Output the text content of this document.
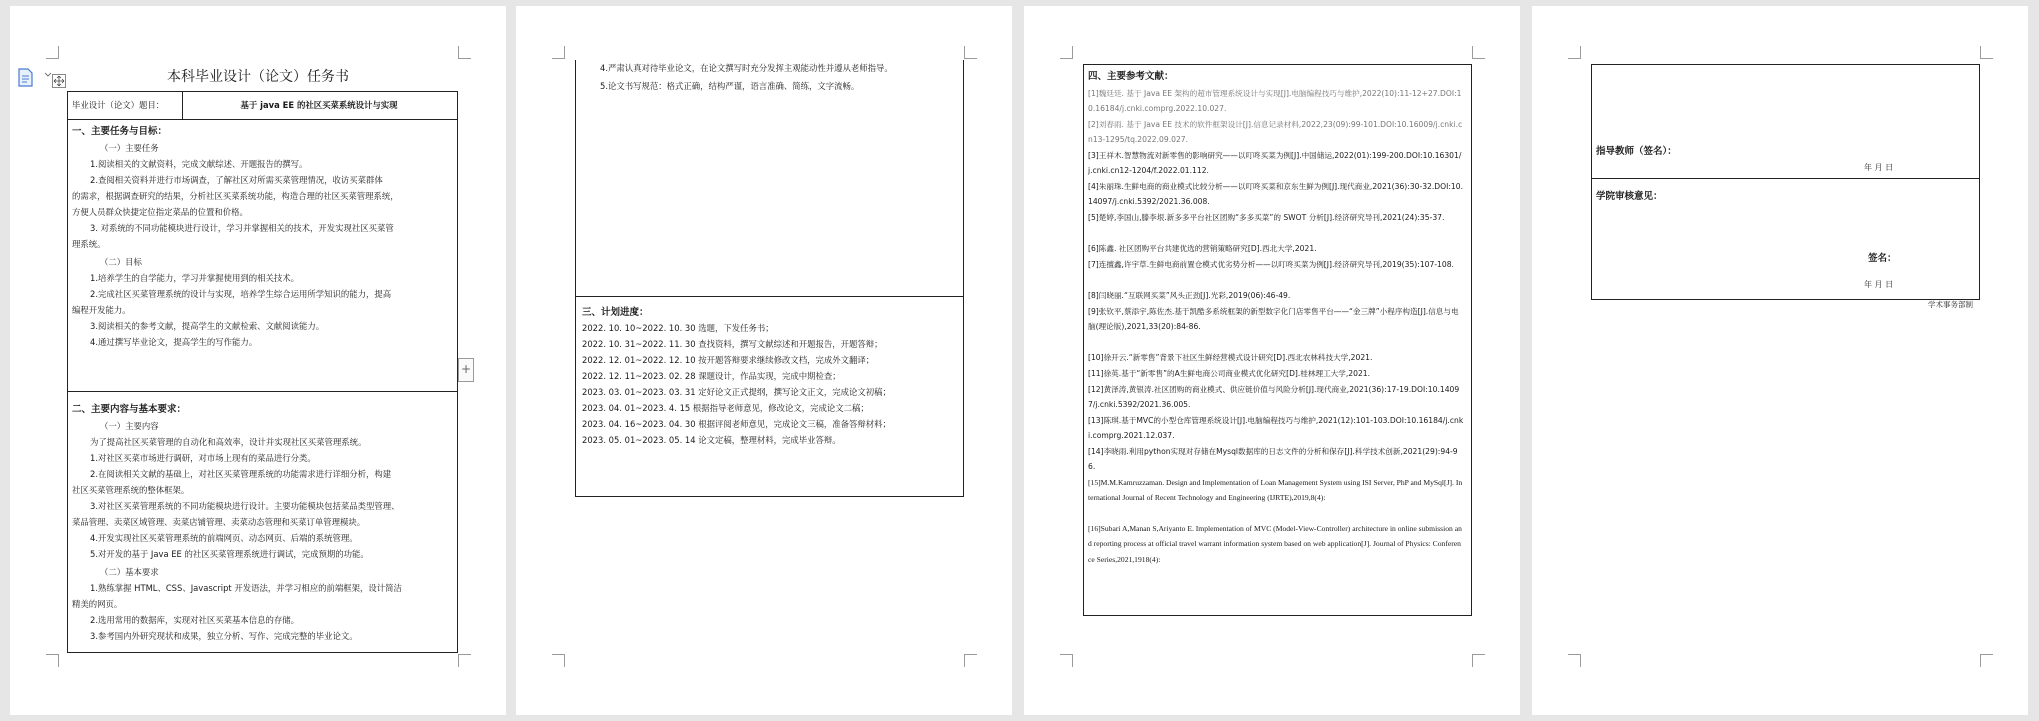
本科毕业设计（论文）任务书
毕业设计（论文）题目：	基于 java EE 的社区买菜系统设计与实现
一、主要任务与目标：
（一）主要任务
1.阅读相关的文献资料，完成文献综述、开题报告的撰写。
2.查阅相关资料并进行市场调查，了解社区对所需买菜管理情况，收访买菜群体
的需求，根据调查研究的结果，分析社区买菜系统功能，构造合理的社区买菜管理系统，
方便人员群众快捷定位指定菜品的位置和价格。
3. 对系统的不同功能模块进行设计，学习并掌握相关的技术，开发实现社区买菜管
理系统。
（二）目标
1.培养学生的自学能力，学习并掌握使用到的相关技术。
2.完成社区买菜管理系统的设计与实现，培养学生综合运用所学知识的能力，提高
编程开发能力。
3.阅读相关的参考文献，提高学生的文献检索、文献阅读能力。
4.通过撰写毕业论文，提高学生的写作能力。
二、主要内容与基本要求：
（一）主要内容
为了提高社区买菜管理的自动化和高效率，设计并实现社区买菜管理系统。
1.对社区买菜市场进行调研，对市场上现有的菜品进行分类。
2.在阅读相关文献的基础上，对社区买菜管理系统的功能需求进行详细分析，构建
社区买菜管理系统的整体框架。
3.对社区买菜管理系统的不同功能模块进行设计。主要功能模块包括菜品类型管理、
菜品管理、卖菜区域管理、卖菜店铺管理、卖菜动态管理和买菜订单管理模块。
4.开发实现社区买菜管理系统的前端网页、动态网页、后端的系统管理。
5.对开发的基于 Java EE 的社区买菜管理系统进行调试，完成预期的功能。
（二）基本要求
1.熟练掌握 HTML、CSS、Javascript 开发语法，并学习相应的前端框架，设计简洁
精美的网页。
2.选用常用的数据库，实现对社区买菜基本信息的存储。
3.参考国内外研究现状和成果，独立分析、写作、完成完整的毕业论文。
+
4.严肃认真对待毕业论文，在论文撰写时充分发挥主观能动性并遵从老师指导。
5.论文书写规范：格式正确，结构严谨，语言准确、简练，文字流畅。
三、计划进度：
2022. 10. 10~2022. 10. 30 选题，下发任务书；
2022. 10. 31~2022. 11. 30 查找资料，撰写文献综述和开题报告，开题答辩；
2022. 12. 01~2022. 12. 10 按开题答辩要求继续修改文档，完成外文翻译；
2022. 12. 11~2023. 02. 28 课题设计，作品实现，完成中期检查；
2023. 03. 01~2023. 03. 31 定好论文正式提纲，撰写论文正文，完成论文初稿；
2023. 04. 01~2023. 4. 15 根据指导老师意见，修改论文，完成论文二稿；
2023. 04. 16~2023. 04. 30 根据评阅老师意见，完成论文三稿，准备答辩材料；
2023. 05. 01~2023. 05. 14 论文定稿，整理材料，完成毕业答辩。
四、主要参考文献：
[1]魏廷廷. 基于 Java EE 架构的超市管理系统设计与实现[J].电脑编程技巧与维护,2022(10):11-12+27.DOI:10.16184/j.cnki.comprg.2022.10.027.
[2]刘春雨. 基于 Java EE 技术的软件框架设计[J].信息记录材料,2022,23(09):99-101.DOI:10.16009/j.cnki.cn13-1295/tq.2022.09.027.
[3]王祥木.智慧物流对新零售的影响研究——以叮咚买菜为例[J].中国储运,2022(01):199-200.DOI:10.16301/j.cnki.cn12-1204/f.2022.01.112.
[4]朱丽珠.生鲜电商的商业模式比较分析——以叮咚买菜和京东生鲜为例[J].现代商业,2021(36):30-32.DOI:10.14097/j.cnki.5392/2021.36.008.
[5]楚婷,李国山,滕李垠.新多多平台社区团购“多多买菜”的 SWOT 分析[J].经济研究导刊,2021(24):35-37.
[6]陈鑫. 社区团购平台共建优选的营销策略研究[D].西北大学,2021.
[7]连擅鑫,许宇草.生鲜电商前置仓模式优劣势分析——以叮咚买菜为例[J].经济研究导刊,2019(35):107-108.
[8]闫晓丽.“互联网买菜”风头正劲[J].光彩,2019(06):46-49.
[9]张钦平,蔡添宇,陈佐杰.基于凯酷多系统框架的新型数字化门店零售平台——“金三牌”小程序构造[J].信息与电脑(理论版),2021,33(20):84-86.
[10]徐开云.“新零售”背景下社区生鲜经营模式设计研究[D].西北农林科技大学,2021.
[11]徐英.基于“新零售”的A生鲜电商公司商业模式优化研究[D].桂林理工大学,2021.
[12]黄泽涛,黄银涛.社区团购的商业模式、供应链价值与风险分析[J].现代商业,2021(36):17-19.DOI:10.14097/j.cnki.5392/2021.36.005.
[13]陈琪.基于MVC的小型仓库管理系统设计[J].电脑编程技巧与维护,2021(12):101-103.DOI:10.16184/j.cnki.comprg.2021.12.037.
[14]李晓雨.利用python实现对存储在Mysql数据库的日志文件的分析和保存[J].科学技术创新,2021(29):94-96.
[15]M.M.Kamruzzaman. Design and Implementation of Loan Management System using ISI Server, PhP and MySql[J]. International Journal of Recent Technology and Engineering (IJRTE),2019,8(4):
[16]Subari A,Manan S,Ariyanto E. Implementation of MVC (Model-View-Controller) architecture in online submission and reporting process at official travel warrant information system based on web application[J]. Journal of Physics: Conference Series,2021,1918(4):
指导教师（签名）：
年 月 日
学院审核意见：
签名：
年 月 日
学术事务部制
